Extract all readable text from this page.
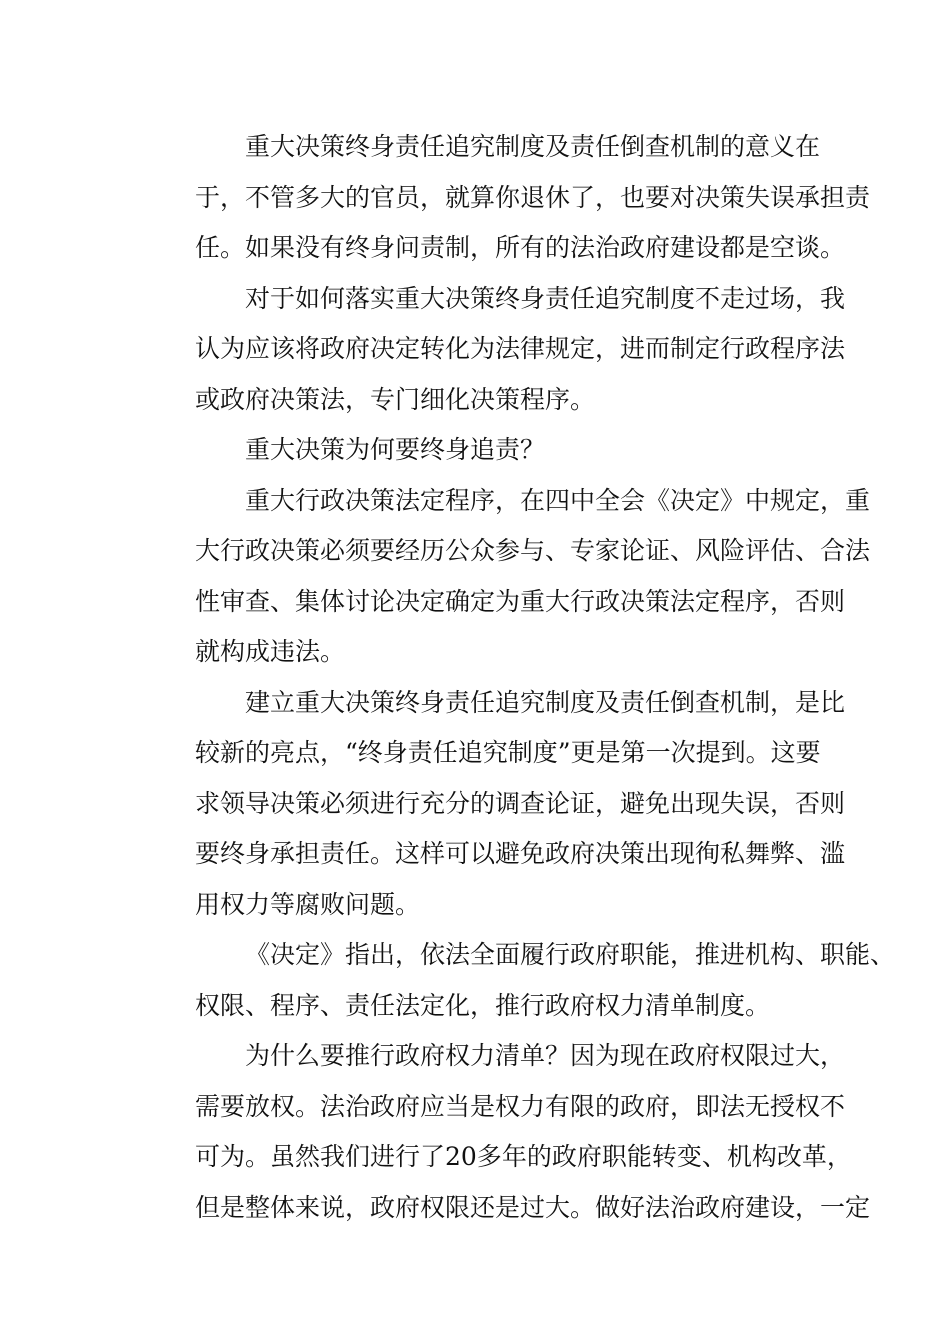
重大决策终身责任追究制度及责任倒查机制的意义在
于，不管多大的官员，就算你退休了，也要对决策失误承担责
任。如果没有终身问责制，所有的法治政府建设都是空谈。
对于如何落实重大决策终身责任追究制度不走过场，我
认为应该将政府决定转化为法律规定，进而制定行政程序法
或政府决策法，专门细化决策程序。
重大决策为何要终身追责？
重大行政决策法定程序，在四中全会《决定》中规定，重
大行政决策必须要经历公众参与、专家论证、风险评估、合法
性审查、集体讨论决定确定为重大行政决策法定程序，否则
就构成违法。
建立重大决策终身责任追究制度及责任倒查机制，是比
较新的亮点，“终身责任追究制度”更是第一次提到。这要
求领导决策必须进行充分的调查论证，避免出现失误，否则
要终身承担责任。这样可以避免政府决策出现徇私舞弊、滥
用权力等腐败问题。
《决定》指出，依法全面履行政府职能，推进机构、职能、
权限、程序、责任法定化，推行政府权力清单制度。
为什么要推行政府权力清单？因为现在政府权限过大，
需要放权。法治政府应当是权力有限的政府，即法无授权不
可为。虽然我们进行了20多年的政府职能转变、机构改革，
但是整体来说，政府权限还是过大。做好法治政府建设，一定
